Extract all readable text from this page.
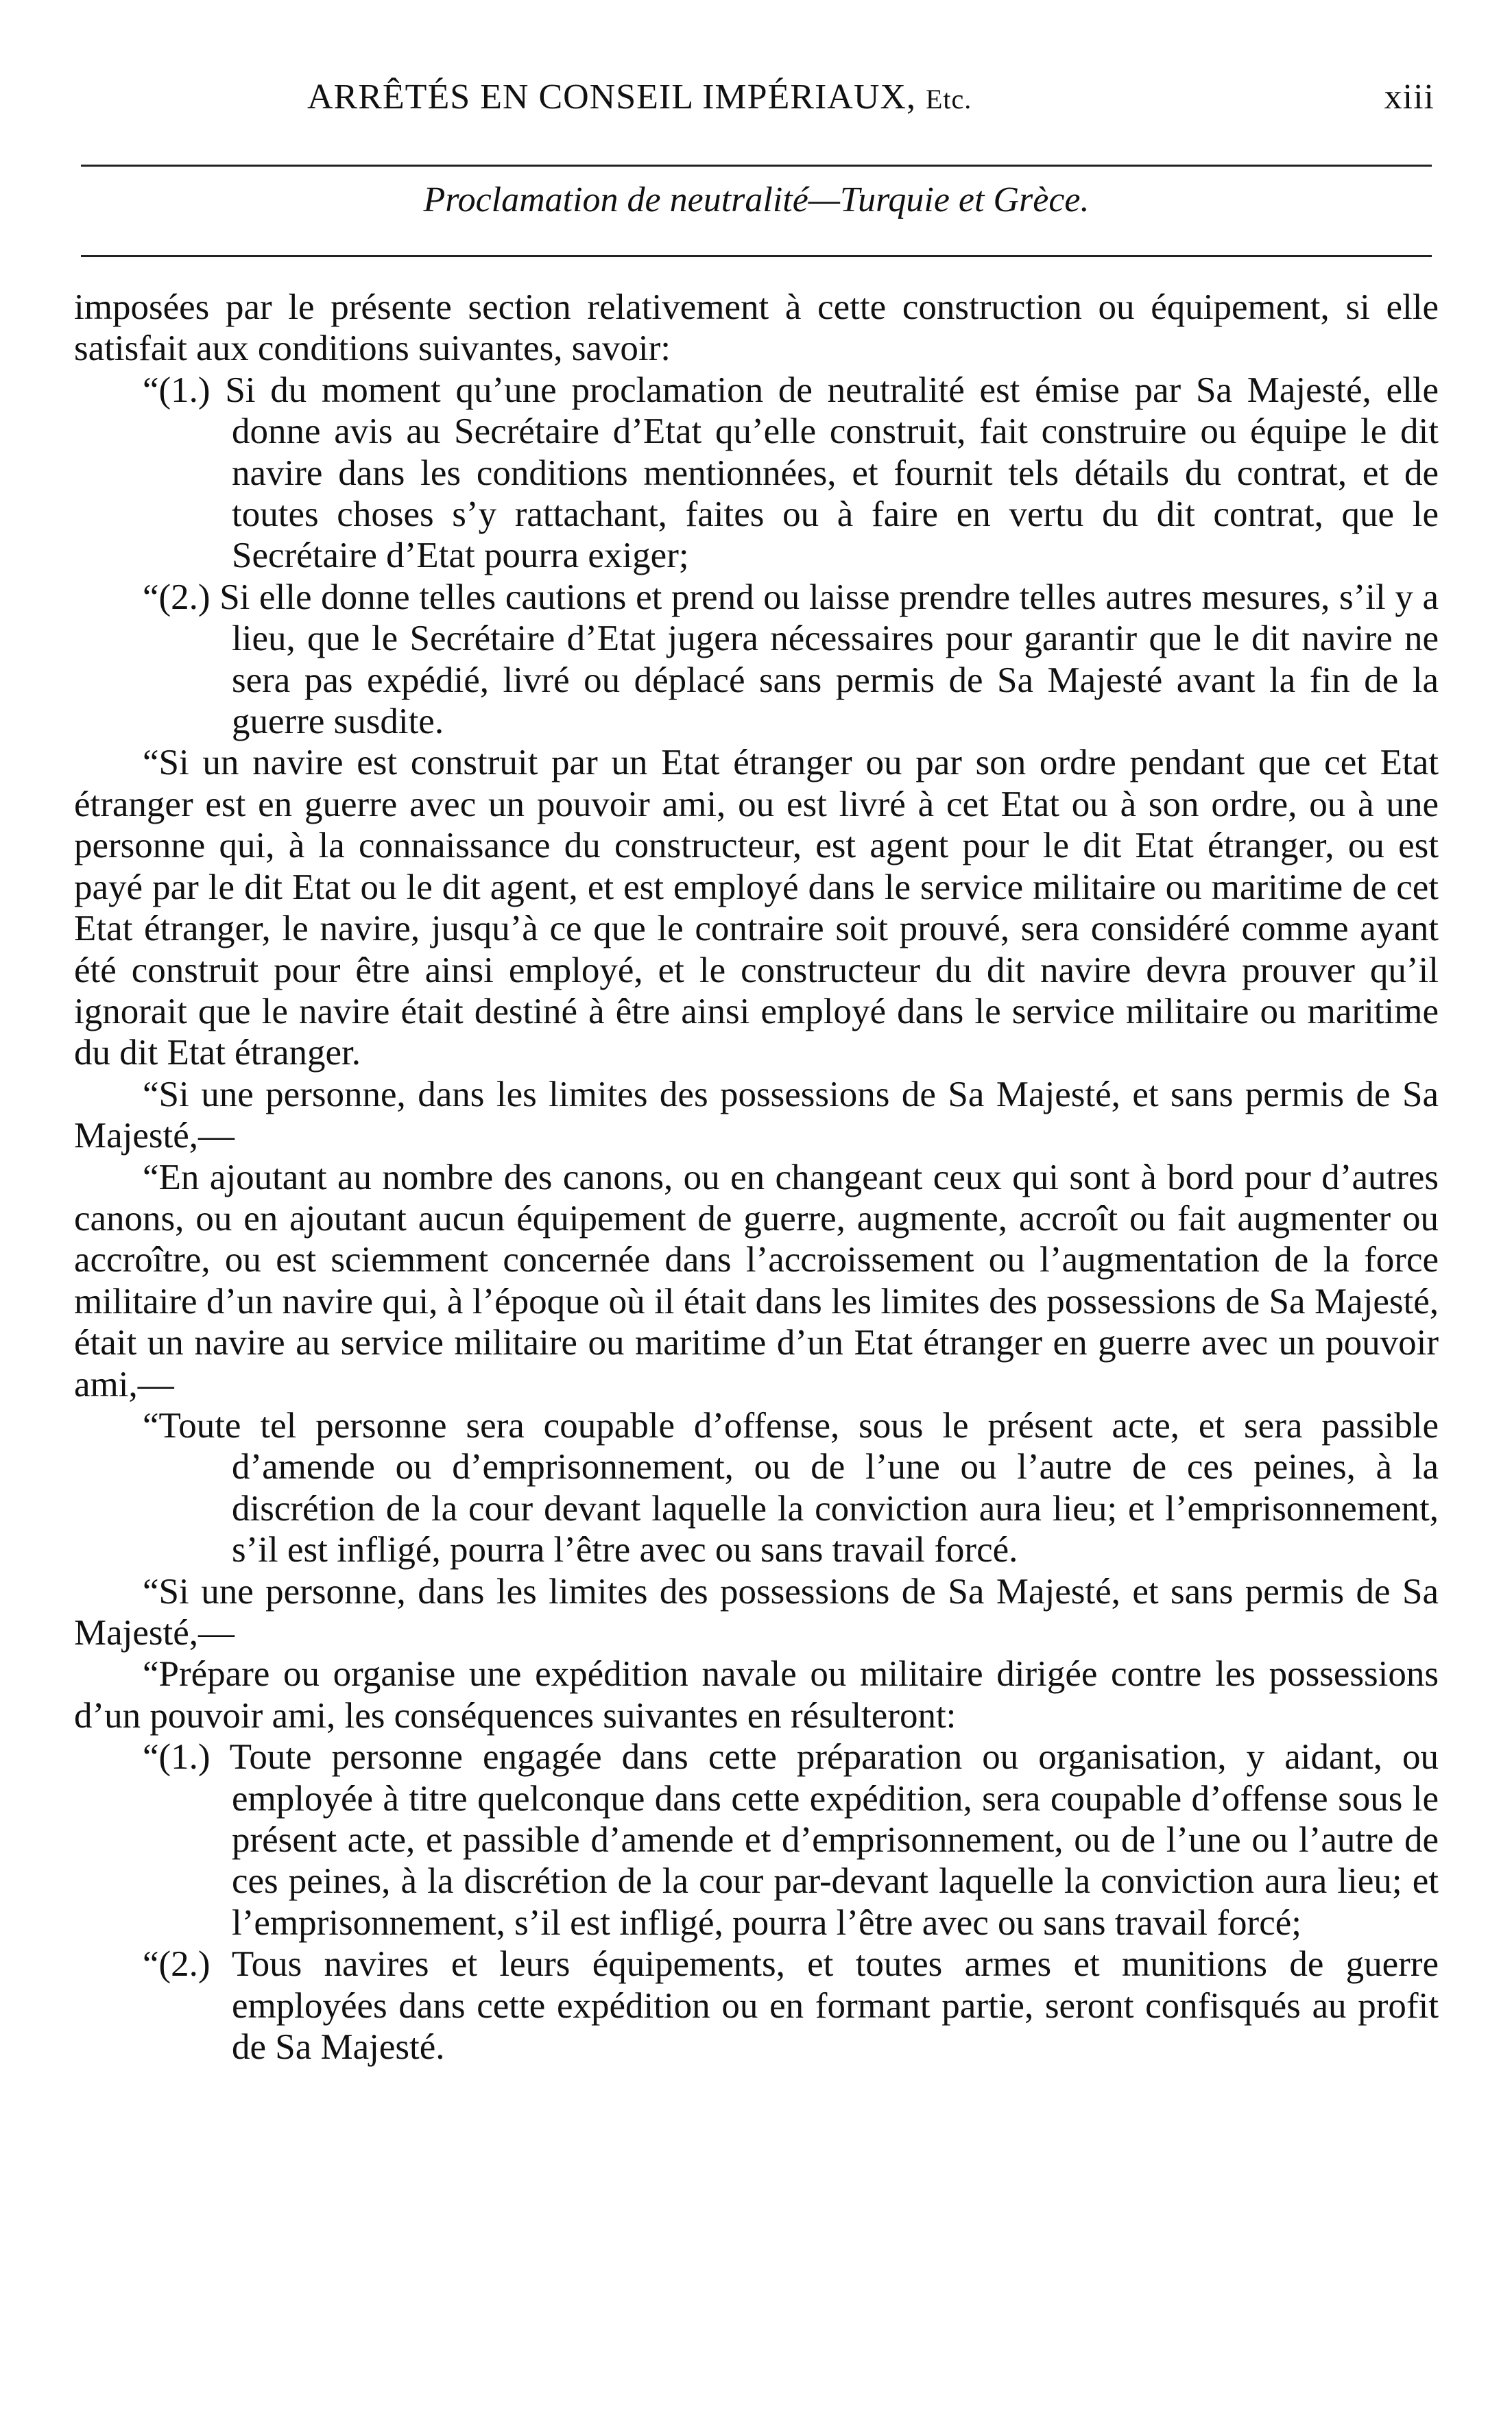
ARRÊTÉS EN CONSEIL IMPÉRIAUX, Etc.	xiii
Proclamation de neutralité—Turquie et Grèce.

imposées par le présente section relativement à cette construction ou équipement, si elle satisfait aux conditions suivantes, savoir:

“(1.) Si du moment qu’une proclamation de neutralité est émise par Sa Majesté, elle donne avis au Secrétaire d’Etat qu’elle construit, fait construire ou équipe le dit navire dans les conditions mentionnées, et fournit tels détails du contrat, et de toutes choses s’y rattachant, faites ou à faire en vertu du dit contrat, que le Secrétaire d’Etat pourra exiger;

“(2.) Si elle donne telles cautions et prend ou laisse prendre telles autres mesures, s’il y a lieu, que le Secrétaire d’Etat jugera nécessaires pour garantir que le dit navire ne sera pas expédié, livré ou déplacé sans permis de Sa Majesté avant la fin de la guerre susdite.

“Si un navire est construit par un Etat étranger ou par son ordre pendant que cet Etat étranger est en guerre avec un pouvoir ami, ou est livré à cet Etat ou à son ordre, ou à une personne qui, à la connaissance du constructeur, est agent pour le dit Etat étranger, ou est payé par le dit Etat ou le dit agent, et est employé dans le service militaire ou maritime de cet Etat étranger, le navire, jusqu’à ce que le contraire soit prouvé, sera considéré comme ayant été construit pour être ainsi employé, et le constructeur du dit navire devra prouver qu’il ignorait que le navire était destiné à être ainsi employé dans le service militaire ou maritime du dit Etat étranger.

“Si une personne, dans les limites des possessions de Sa Majesté, et sans permis de Sa Majesté,—

“En ajoutant au nombre des canons, ou en changeant ceux qui sont à bord pour d’autres canons, ou en ajoutant aucun équipement de guerre, augmente, accroît ou fait augmenter ou accroître, ou est sciemment concernée dans l’accroissement ou l’augmentation de la force militaire d’un navire qui, à l’époque où il était dans les limites des possessions de Sa Majesté, était un navire au service militaire ou maritime d’un Etat étranger en guerre avec un pouvoir ami,—

“Toute tel personne sera coupable d’offense, sous le présent acte, et sera passible d’amende ou d’emprisonnement, ou de l’une ou l’autre de ces peines, à la discrétion de la cour devant laquelle la conviction aura lieu; et l’emprisonnement, s’il est infligé, pourra l’être avec ou sans travail forcé.

“Si une personne, dans les limites des possessions de Sa Majesté, et sans permis de Sa Majesté,—

“Prépare ou organise une expédition navale ou militaire dirigée contre les possessions d’un pouvoir ami, les conséquences suivantes en résulteront:

“(1.) Toute personne engagée dans cette préparation ou organisation, y aidant, ou employée à titre quelconque dans cette expédition, sera coupable d’offense sous le présent acte, et passible d’amende et d’emprisonnement, ou de l’une ou l’autre de ces peines, à la discrétion de la cour par-devant laquelle la conviction aura lieu; et l’emprisonnement, s’il est infligé, pourra l’être avec ou sans travail forcé;

“(2.) Tous navires et leurs équipements, et toutes armes et munitions de guerre employées dans cette expédition ou en formant partie, seront confisqués au profit de Sa Majesté.
